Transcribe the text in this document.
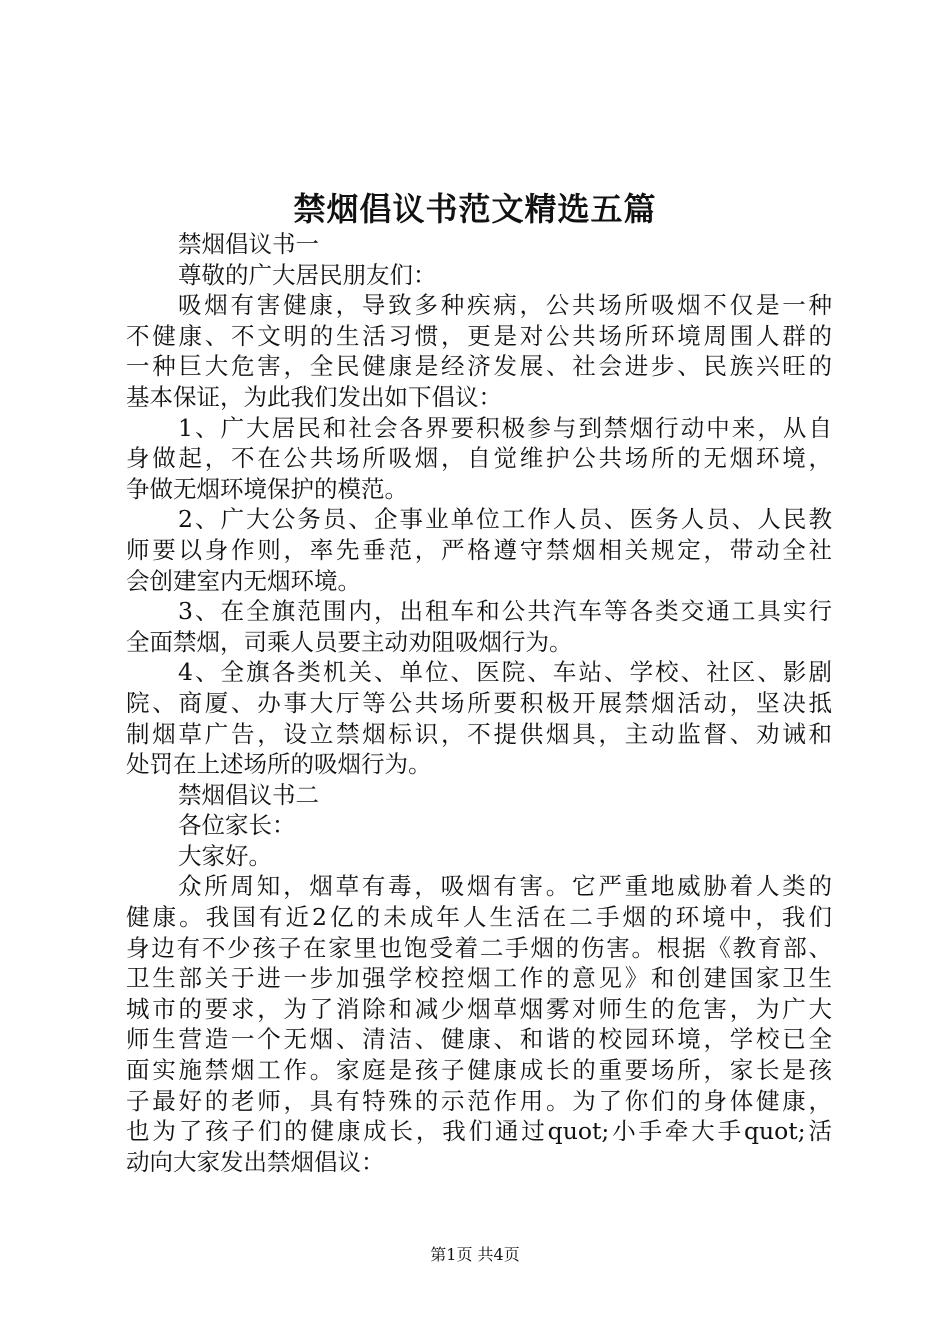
禁烟倡议书范文精选五篇

禁烟倡议书一

尊敬的广大居民朋友们：

吸烟有害健康，导致多种疾病，公共场所吸烟不仅是一种

不健康、不文明的生活习惯，更是对公共场所环境周围人群的

一种巨大危害，全民健康是经济发展、社会进步、民族兴旺的

基本保证，为此我们发出如下倡议：

1、广大居民和社会各界要积极参与到禁烟行动中来，从自

身做起，不在公共场所吸烟，自觉维护公共场所的无烟环境，

争做无烟环境保护的模范。

2、广大公务员、企事业单位工作人员、医务人员、人民教

师要以身作则，率先垂范，严格遵守禁烟相关规定，带动全社

会创建室内无烟环境。

3、在全旗范围内，出租车和公共汽车等各类交通工具实行

全面禁烟，司乘人员要主动劝阻吸烟行为。

4、全旗各类机关、单位、医院、车站、学校、社区、影剧

院、商厦、办事大厅等公共场所要积极开展禁烟活动，坚决抵

制烟草广告，设立禁烟标识，不提供烟具，主动监督、劝诫和

处罚在上述场所的吸烟行为。

禁烟倡议书二

各位家长：

大家好。

众所周知，烟草有毒，吸烟有害。它严重地威胁着人类的

健康。我国有近2亿的未成年人生活在二手烟的环境中，我们

身边有不少孩子在家里也饱受着二手烟的伤害。根据《教育部、

卫生部关于进一步加强学校控烟工作的意见》和创建国家卫生

城市的要求，为了消除和减少烟草烟雾对师生的危害，为广大

师生营造一个无烟、清洁、健康、和谐的校园环境，学校已全

面实施禁烟工作。家庭是孩子健康成长的重要场所，家长是孩

子最好的老师，具有特殊的示范作用。为了你们的身体健康，

也为了孩子们的健康成长，我们通过quot;小手牵大手quot;活

动向大家发出禁烟倡议：

第1页 共4页
